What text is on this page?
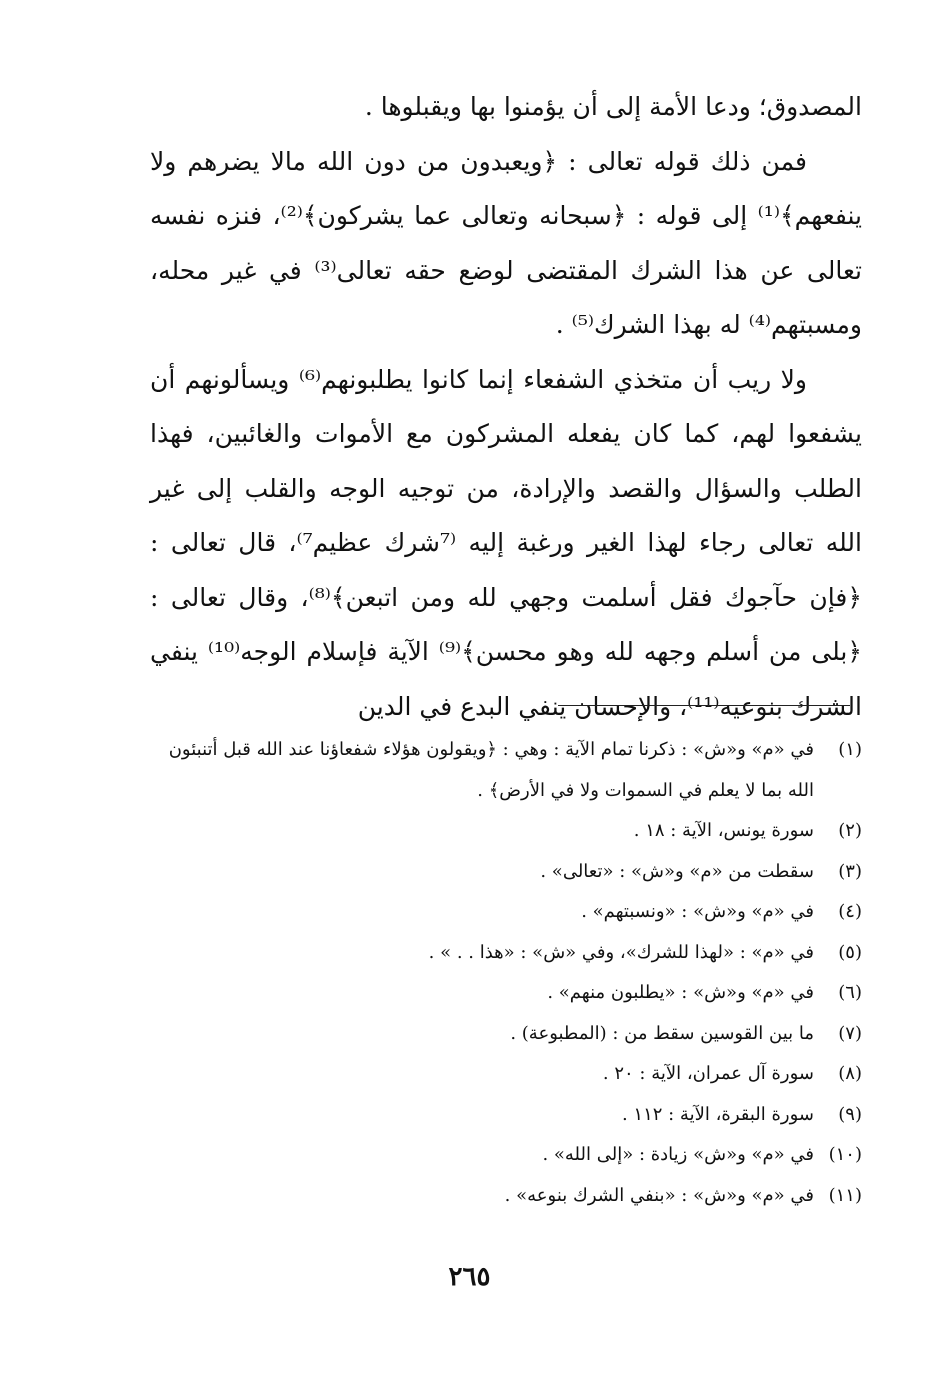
المصدوق؛ ودعا الأمة إلى أن يؤمنوا بها ويقبلوها .

فمن ذلك قوله تعالى : ﴿ويعبدون من دون الله مالا يضرهم ولا ينفعهم﴾⁽¹⁾ إلى قوله : ﴿سبحانه وتعالى عما يشركون﴾⁽²⁾، فنزه نفسه تعالى عن هذا الشرك المقتضى لوضع حقه تعالى⁽³⁾ في غير محله، ومسبتهم⁽⁴⁾ له بهذا الشرك⁽⁵⁾ .

ولا ريب أن متخذي الشفعاء إنما كانوا يطلبونهم⁽⁶⁾ ويسألونهم أن يشفعوا لهم، كما كان يفعله المشركون مع الأموات والغائبين، فهذا الطلب والسؤال والقصد والإرادة، من توجيه الوجه والقلب إلى غير الله تعالى رجاء لهذا الغير ورغبة إليه ⁽⁷شرك عظيم⁷⁾، قال تعالى : ﴿فإن حآجوك فقل أسلمت وجهي لله ومن اتبعن﴾⁽⁸⁾، وقال تعالى : ﴿بلى من أسلم وجهه لله وهو محسن﴾⁽⁹⁾ الآية فإسلام الوجه⁽¹⁰⁾ ينفي الشرك بنوعيه⁽¹¹⁾، والإحسان ينفي البدع في الدين

(١)
في «م» و«ش» : ذكرنا تمام الآية : وهي : ﴿ويقولون هؤلاء شفعاؤنا عند الله قبل أتنبئون الله بما لا يعلم في السموات ولا في الأرض﴾ .
(٢)
سورة يونس، الآية : ١٨ .
(٣)
سقطت من «م» و«ش» : «تعالى» .
(٤)
في «م» و«ش» : «ونسبتهم» .
(٥)
في «م» : «لهذا للشرك»، وفي «ش» : «هذا . . » .
(٦)
في «م» و«ش» : «يطلبون منهم» .
(٧)
ما بين القوسين سقط من : (المطبوعة) .
(٨)
سورة آل عمران، الآية : ٢٠ .
(٩)
سورة البقرة، الآية : ١١٢ .
(١٠)
في «م» و«ش» زيادة : «إلى الله» .
(١١)
في «م» و«ش» : «بنفي الشرك بنوعه» .
٢٦٥
